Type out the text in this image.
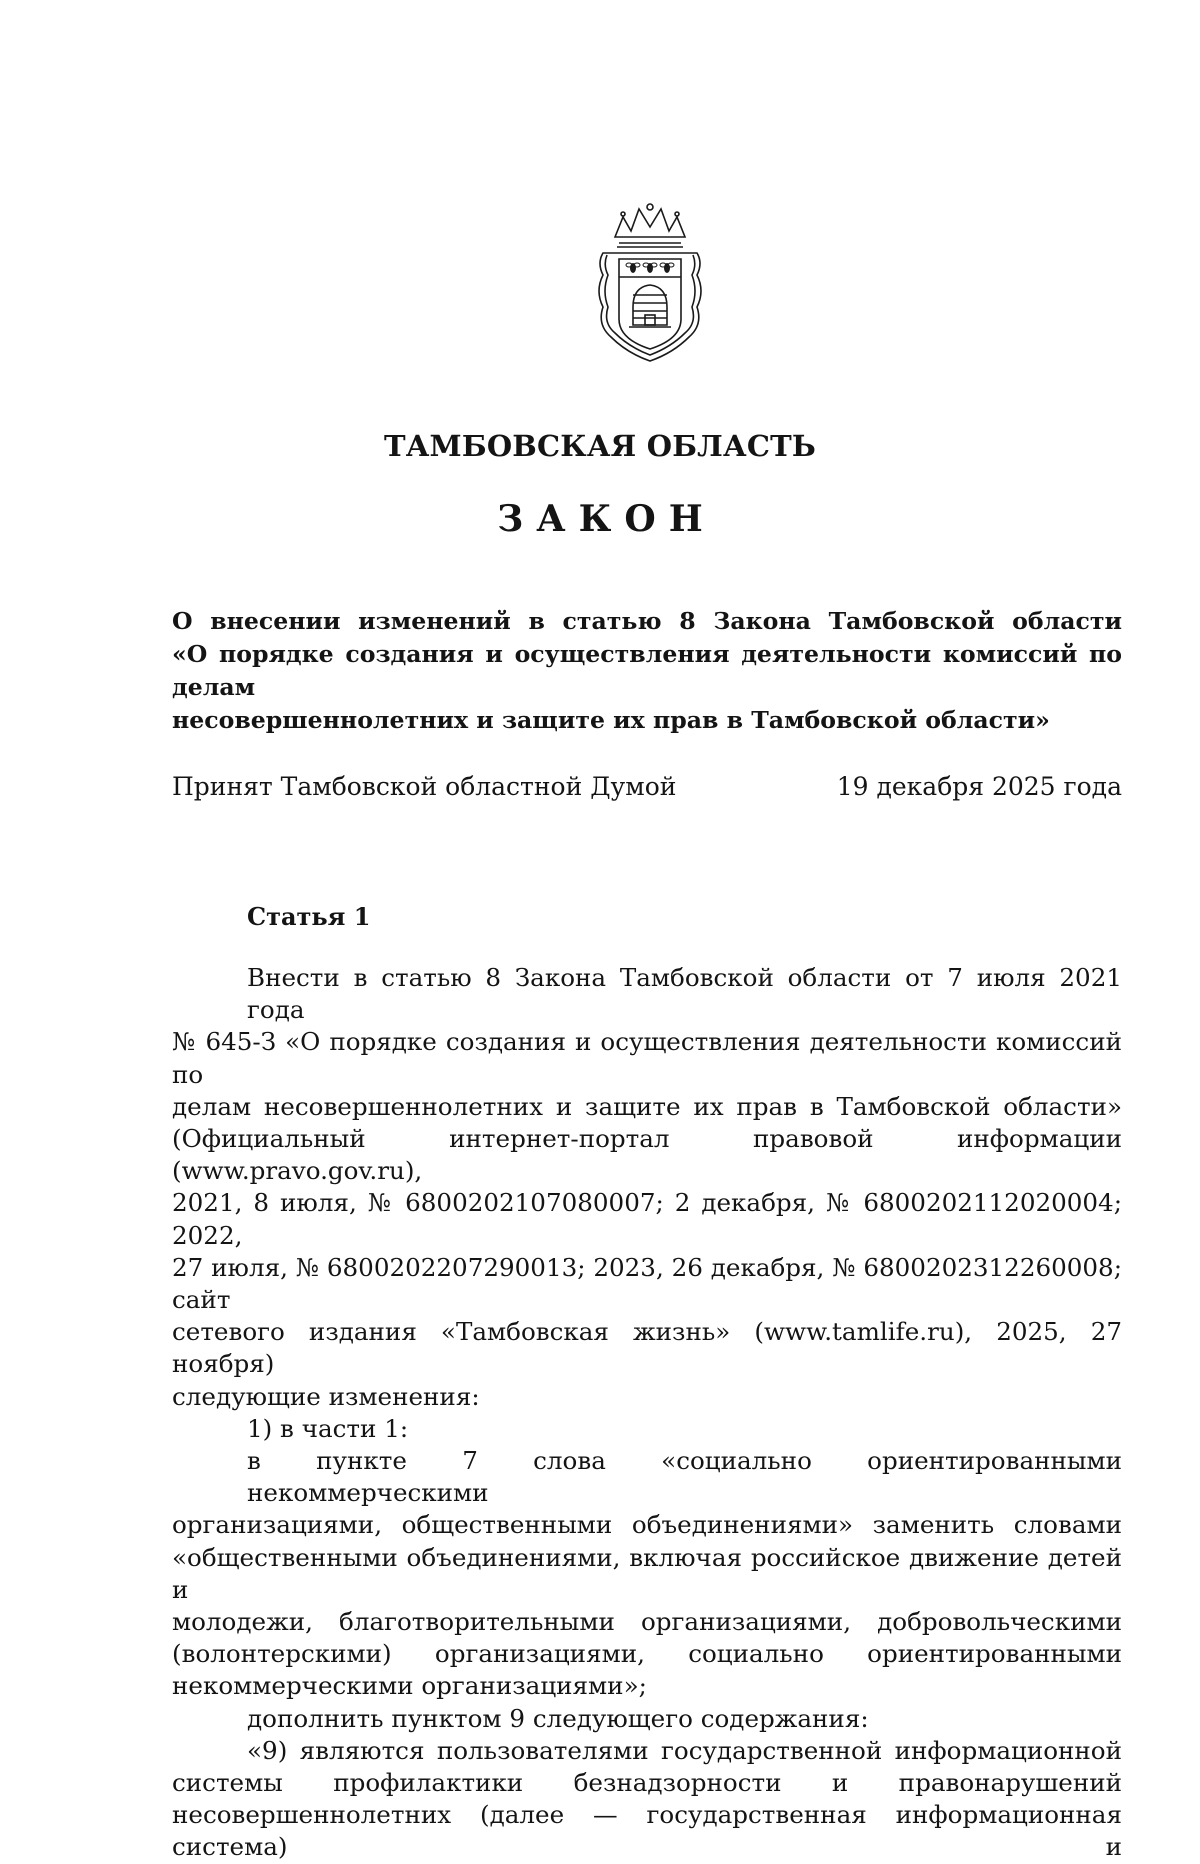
ТАМБОВСКАЯ ОБЛАСТЬ
ЗАКОН
О внесении изменений в статью 8 Закона Тамбовской области
«О порядке создания и осуществления деятельности комиссий по делам
несовершеннолетних и защите их прав в Тамбовской области»
Принят Тамбовской областной Думой	19 декабря 2025 года
Статья 1
Внести в статью 8 Закона Тамбовской области от 7 июля 2021 года
№ 645-З «О порядке создания и осуществления деятельности комиссий по
делам несовершеннолетних и защите их прав в Тамбовской области»
(Официальный интернет-портал правовой информации (www.pravo.gov.ru),
2021, 8 июля, № 6800202107080007; 2 декабря, № 6800202112020004; 2022,
27 июля, № 6800202207290013; 2023, 26 декабря, № 6800202312260008; сайт
сетевого издания «Тамбовская жизнь» (www.tamlife.ru), 2025, 27 ноября)
следующие изменения:
1) в части 1:
в пункте 7 слова «социально ориентированными некоммерческими
организациями, общественными объединениями» заменить словами
«общественными объединениями, включая российское движение детей и
молодежи, благотворительными организациями, добровольческими
(волонтерскими) организациями, социально ориентированными
некоммерческими организациями»;
дополнить пунктом 9 следующего содержания:
«9) являются пользователями государственной информационной
системы профилактики безнадзорности и правонарушений
несовершеннолетних (далее — государственная информационная система) и
